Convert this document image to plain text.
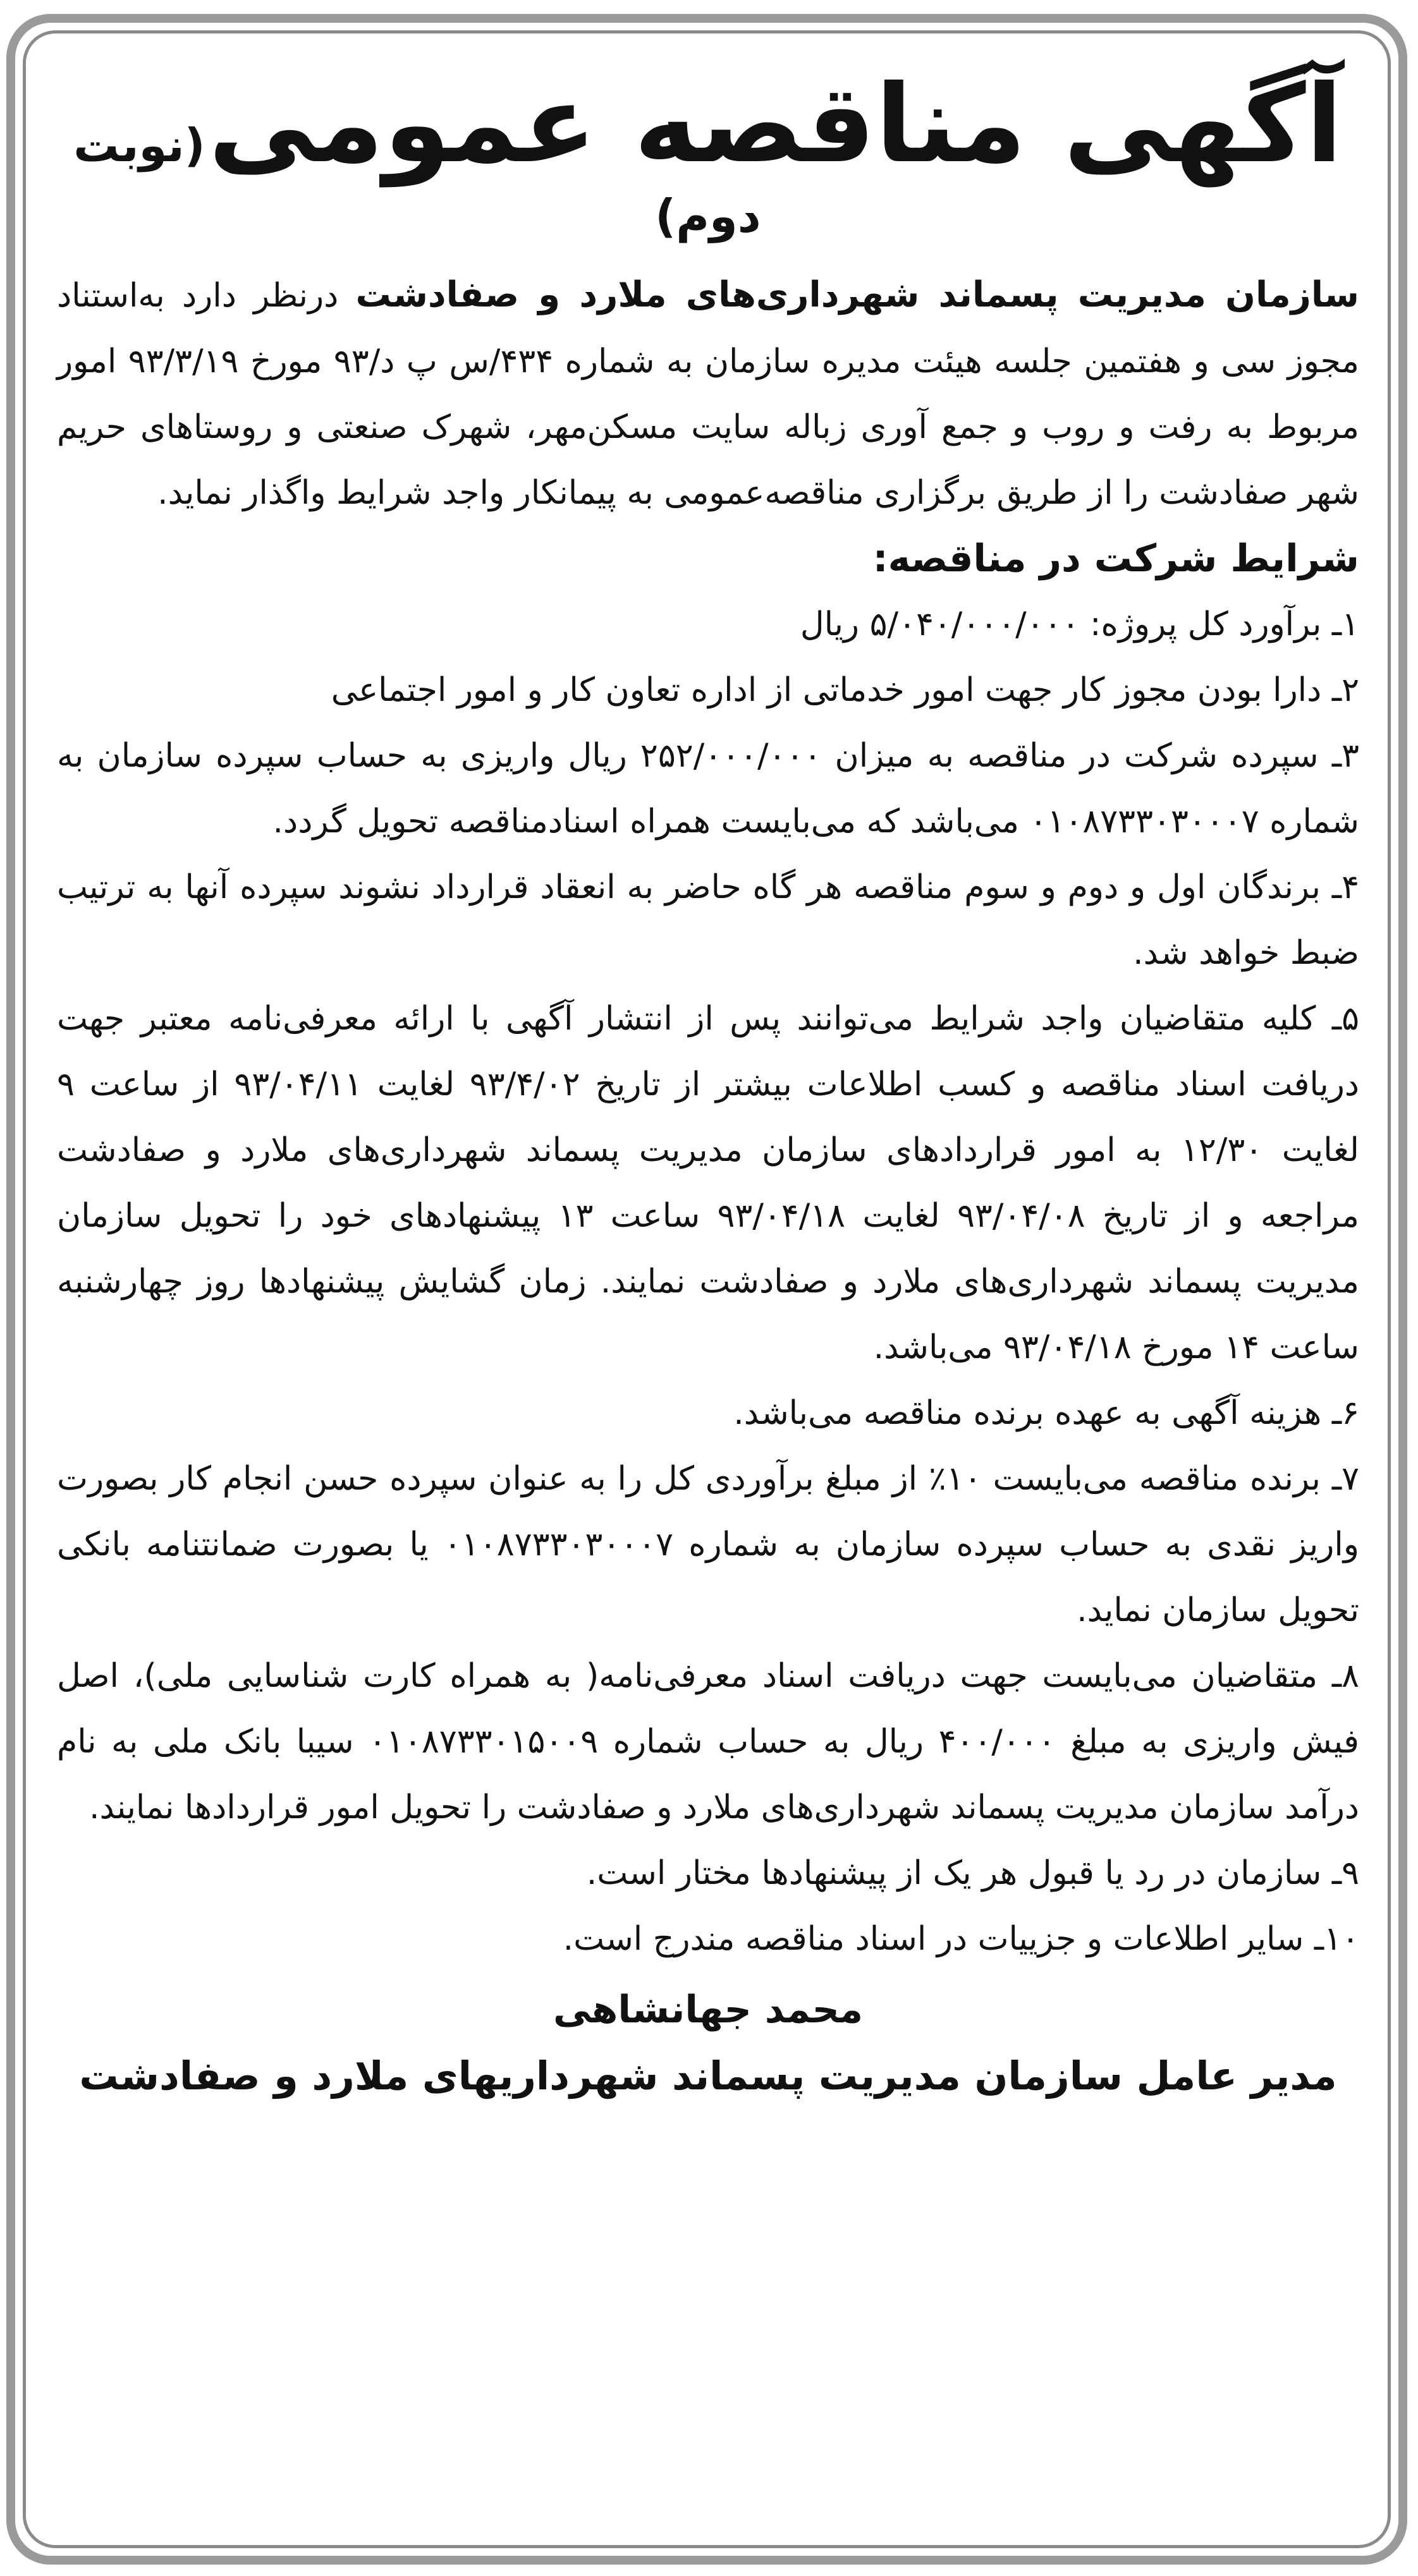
آگهی مناقصه عمومی (نوبت دوم)

سازمان مدیریت پسماند شهرداری‌های ملارد و صفادشت درنظر دارد به‌استناد مجوز سی و هفتمین جلسه هیئت مدیره سازمان به شماره ۴۳۴/س پ د/۹۳ مورخ ۹۳/۳/۱۹ امور مربوط به رفت و روب و جمع آوری زباله سایت مسکن‌مهر، شهرک صنعتی و روستاهای حریم شهر صفادشت را از طریق برگزاری مناقصه‌عمومی به پیمانکار واجد شرایط واگذار نماید.

شرایط شرکت در مناقصه:

۱ـ برآورد کل پروژه: ۵/۰۴۰/۰۰۰/۰۰۰ ریال

۲ـ دارا بودن مجوز کار جهت امور خدماتی از اداره تعاون کار و امور اجتماعی

۳ـ سپرده شرکت در مناقصه به میزان ۲۵۲/۰۰۰/۰۰۰ ریال واریزی به حساب سپرده سازمان به شماره ۰۱۰۸۷۳۳۰۳۰۰۰۷ می‌باشد که می‌بایست همراه اسنادمناقصه تحویل گردد.

۴ـ برندگان اول و دوم و سوم مناقصه هر گاه حاضر به انعقاد قرارداد نشوند سپرده آنها به ترتیب ضبط خواهد شد.

۵ـ کلیه متقاضیان واجد شرایط می‌توانند پس از انتشار آگهی با ارائه معرفی‌نامه معتبر جهت دریافت اسناد مناقصه و کسب اطلاعات بیشتر از تاریخ ۹۳/۴/۰۲ لغایت ۹۳/۰۴/۱۱ از ساعت ۹ لغایت ۱۲/۳۰ به امور قراردادهای سازمان مدیریت پسماند شهرداری‌های ملارد و صفادشت مراجعه و از تاریخ ۹۳/۰۴/۰۸ لغایت ۹۳/۰۴/۱۸ ساعت ۱۳ پیشنهادهای خود را تحویل سازمان مدیریت پسماند شهرداری‌های ملارد و صفادشت نمایند. زمان گشایش پیشنهادها روز چهارشنبه ساعت ۱۴ مورخ ۹۳/۰۴/۱۸ می‌باشد.

۶ـ هزینه آگهی به عهده برنده مناقصه می‌باشد.

۷ـ برنده مناقصه می‌بایست ۱۰٪ از مبلغ برآوردی کل را به عنوان سپرده حسن انجام کار بصورت واریز نقدی به حساب سپرده سازمان به شماره ۰۱۰۸۷۳۳۰۳۰۰۰۷ یا بصورت ضمانتنامه بانکی تحویل سازمان نماید.

۸ـ متقاضیان می‌بایست جهت دریافت اسناد معرفی‌نامه( به همراه کارت شناسایی ملی)، اصل فیش واریزی به مبلغ ۴۰۰/۰۰۰ ریال به حساب شماره ۰۱۰۸۷۳۳۰۱۵۰۰۹ سیبا بانک ملی به نام درآمد سازمان مدیریت پسماند شهرداری‌های ملارد و صفادشت را تحویل امور قراردادها نمایند.

۹ـ سازمان در رد یا قبول هر یک از پیشنهادها مختار است.

۱۰ـ سایر اطلاعات و جزییات در اسناد مناقصه مندرج است.

محمد جهانشاهی

مدیر عامل سازمان مدیریت پسماند شهرداریهای ملارد و صفادشت
